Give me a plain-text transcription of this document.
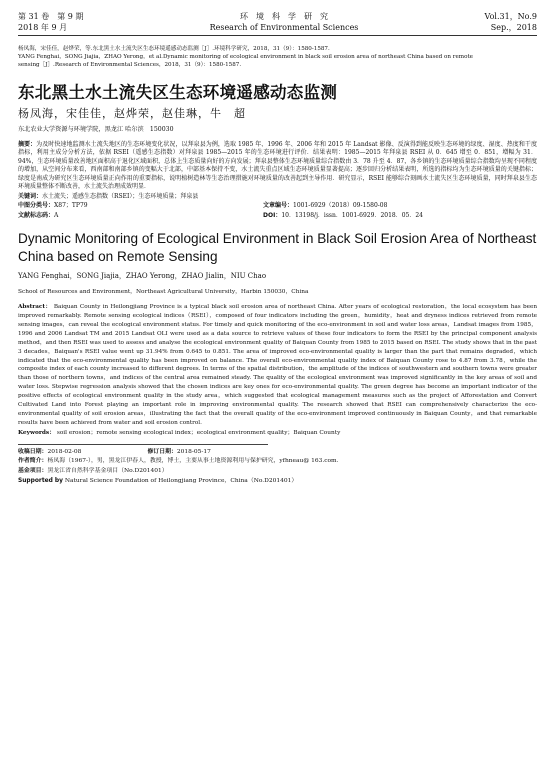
第 31 卷　第 9 期
2018 年 9 月
环　境　科　学　研　究
Research of Environmental Sciences
Vol.31，No.9
Sep.，2018

杨凤海，宋佳佳，赵烨荣，等.东北黑土水土流失区生态环境遥感动态监测［J］.环境科学研究，2018，31（9）：1580-1587.

YANG Fenghai，SONG Jiajia，ZHAO Yerong，et al.Dynamic monitoring of ecological environment in black soil erosion area of northeast China based on remote

sensing［J］.Research of Environmental Sciences，2018，31（9）：1580-1587.

东北黑土水土流失区生态环境遥感动态监测
杨凤海，宋佳佳，赵烨荣，赵佳琳，牛　超
东北农业大学资源与环境学院，黑龙江 哈尔滨　150030
摘要：为及时快速地监测水土流失地区的生态环境变化状况，以拜泉县为例，选取 1985 年、1996 年、2006 年和 2015 年 Landsat 影像、反演得到能反映生态环境的绿度、湿度、热度和干度指标，利用主成分分析方法，依据 RSEI（遥感生态指数）对拜泉县 1985—2015 年的生态环境进行评价．结果表明：1985—2015 年拜泉县 RSEI 从 0．645 增至 0．851，增幅为 31．94%，生态环境质量改善地区面积高于退化区域面积，总体上生态质量向好的方向发展；拜泉县整体生态环境质量综合指数由 3．78 升至 4．87，各乡镇的生态环境质量综合指数均呈现不同程度的增加，从空间分布来看，西南部和南部乡镇的变幅大于北部，中部基本保持不变，水土流失重点区域生态环境质量显著提高；逐步回归分析结果表明，所选的指标均为生态环境质量的关键指标；绿度是南成为研究区生态环境质量正向作用的重要指标，说明植树造林等生态治理措施对环境质量的改善起到主导作用．研究显示，RSEI 能够综合刻画水土流失区生态环境质量，同时拜泉县生态环境质量整体不断改善，水土流失治理成效明显．
关键词： 水土流失；遥感生态指数（RSEI）；生态环境质量；拜泉县
中图分类号：X87；TP79	文章编号：1001-6929（2018）09-1580-08
文献标志码：A	DOI：10．13198/j．issn．1001-6929．2018．05．24
Dynamic Monitoring of Ecological Environment in Black Soil Erosion Area of Northeast China based on Remote Sensing
YANG Fenghai，SONG Jiajia，ZHAO Yerong，ZHAO Jialin，NIU Chao
School of Resources and Environment，Northeast Agricultural University，Harbin 150030，China
Abstract： Baiquan County in Heilongjiang Province is a typical black soil erosion area of northeast China. After years of ecological restoration，the local ecosystem has been improved remarkably. Remote sensing ecological indices（RSEI），composed of four indicators including the green，humidity，heat and dryness indices retrieved from remote sensing images，can reveal the ecological environment status. For timely and quick monitoring of the eco-environment in soil and water loss areas，Landsat images from 1985，1996 and 2006 Landsat TM and 2015 Landsat OLI were used as a data source to retrieve values of these four indicators to form the RSEI by the principal component analysis method，and then RSEI was used to assess and analyse the ecological environment quality of Baiquan County from 1985 to 2015 based on RSEI. The study shows that in the past 3 decades，Baiquan's RSEI value went up 31.94% from 0.645 to 0.851. The area of improved eco-environmental quality is larger than the part that remains degraded，which indicated that the eco-environmental quality has been improved on balance. The overall eco-environmental quality index of Baiquan County rose to 4.87 from 3.78，while the composite index of each county increased to different degrees. In terms of the spatial distribution，the amplitude of the indices of southwestern and southern towns were greater than those of northern towns，and indices of the central area remained steady. The quality of the ecological environment was improved significantly in the key areas of soil and water loss. Stepwise regression analysis showed that the chosen indices are key ones for eco-environmental quality. The green degree has become an important indicator of the positive effects of ecological environment quality in the study area，which suggested that ecological management measures such as the project of Afforestation and Convert Cultivated Land into Forest playing an important role in improving environmental quality. The research showed that RSEI can comprehensively characterize the eco-environmental quality of soil erosion areas，illustrating the fact that the overall quality of the eco-environment improved continuously in Baiquan County，and that remarkable results have been achieved from water and soil erosion control.
Keywords： soil erosion；remote sensing ecological index；ecological environment quality；Baiquan County
收稿日期： 2018-02-08	修订日期： 2018-05-17
作者简介：杨凤海（1967-），男，黑龙江伊春人，教授，博士，主要从事土地资源利用与保护研究，yfhneau@ 163.com.
基金项目：黑龙江省自然科学基金项目（No.D201401）
Supported by Natural Science Foundation of Heilongjiang Province，China（No.D201401）
